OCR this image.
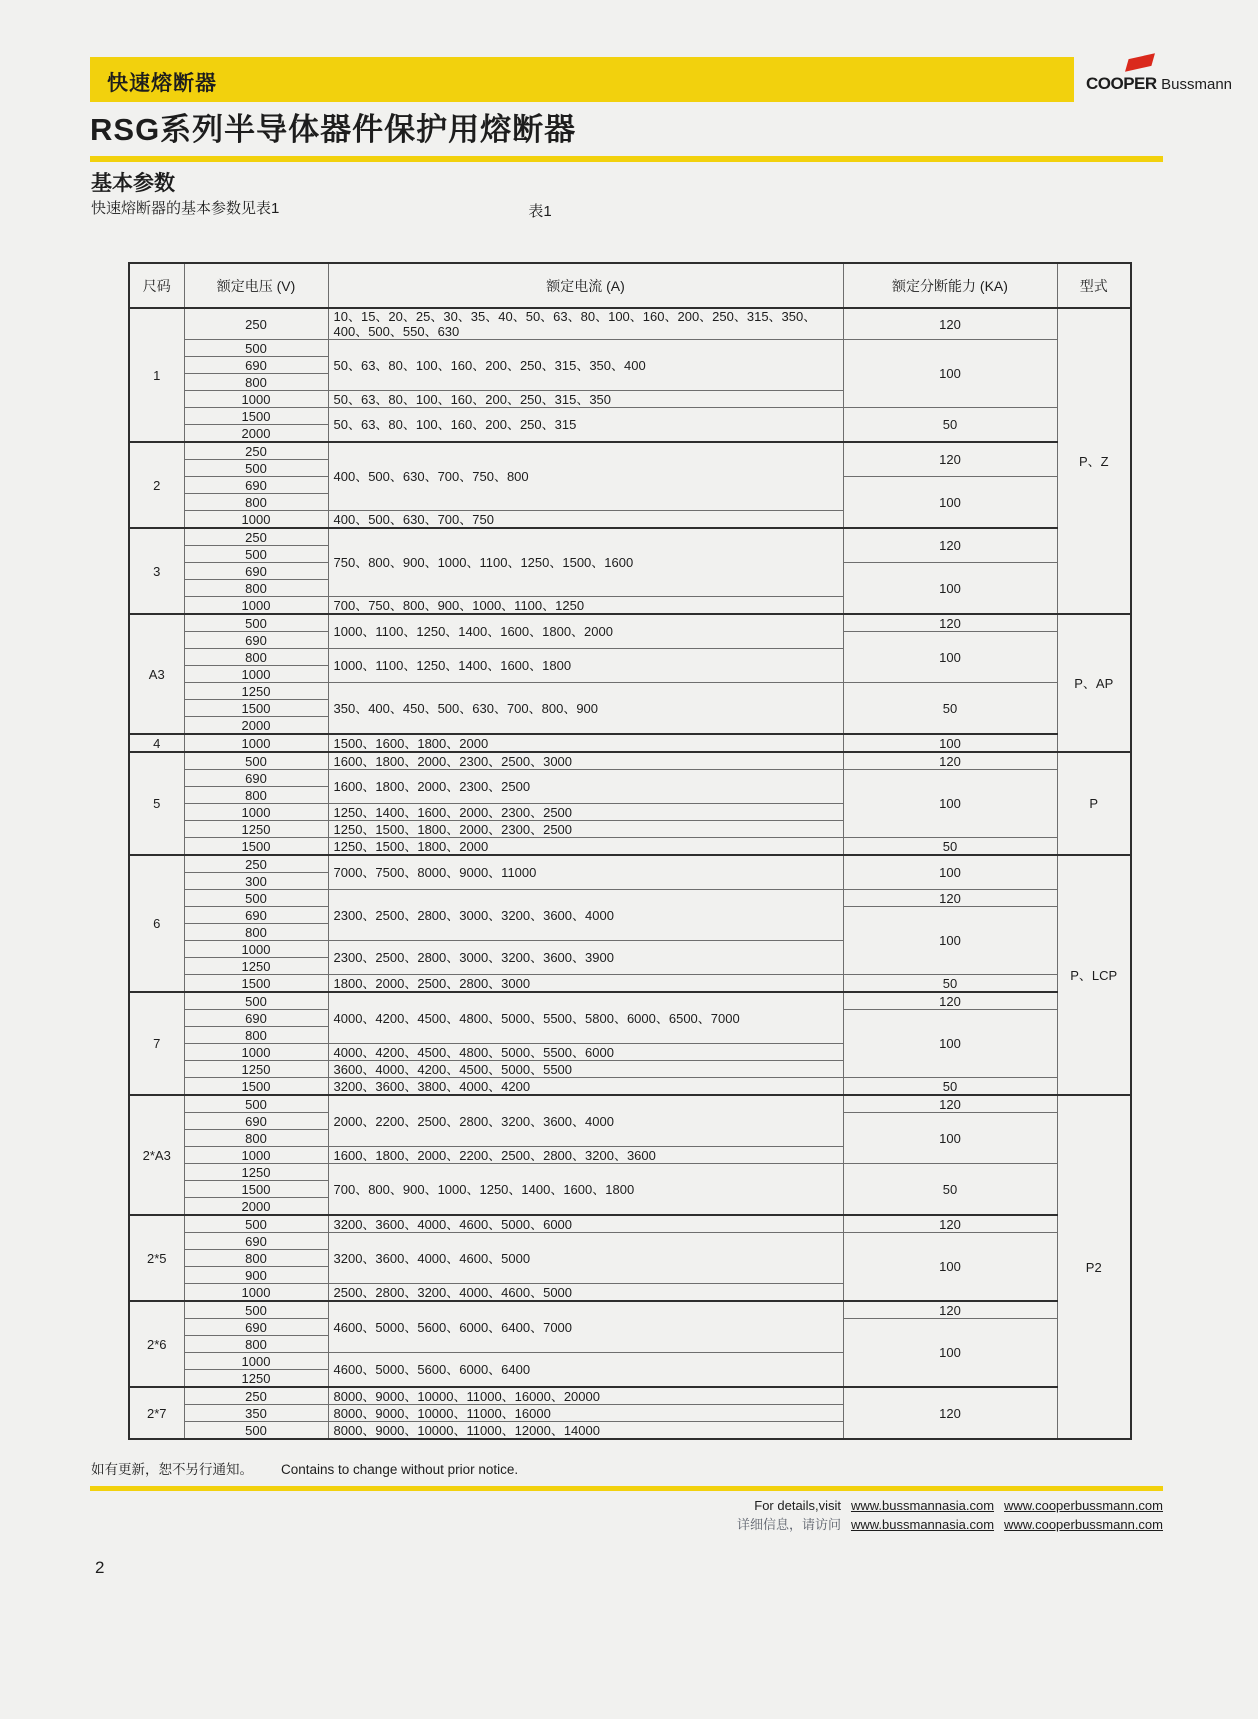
快速熔断器	COOPER Bussmann
RSG系列半导体器件保护用熔断器
基本参数
快速熔断器的基本参数见表1	表1
尺码	额定电压 (V)	额定电流 (A)	额定分断能力 (KA)	型式
1	250	10、15、20、25、30、35、40、50、63、80、100、160、200、250、315、350、400、500、550、630	120	P、Z
	500	50、63、80、100、160、200、250、315、350、400	100	
	690			
	800			
	1000	50、63、80、100、160、200、250、315、350		
	1500	50、63、80、100、160、200、250、315	50	
	2000			
2	250	400、500、630、700、750、800	120	
	500			
	690		100	
	800			
	1000	400、500、630、700、750		
3	250	750、800、900、1000、1100、1250、1500、1600	120	
	500			
	690		100	
	800			
	1000	700、750、800、900、1000、1100、1250		
A3	500	1000、1100、1250、1400、1600、1800、2000	120	P、AP
	690		100	
	800	1000、1100、1250、1400、1600、1800		
	1000			
	1250	350、400、450、500、630、700、800、900	50	
	1500			
	2000			
4	1000	1500、1600、1800、2000	100	
5	500	1600、1800、2000、2300、2500、3000	120	P
	690	1600、1800、2000、2300、2500	100	
	800			
	1000	1250、1400、1600、2000、2300、2500		
	1250	1250、1500、1800、2000、2300、2500		
	1500	1250、1500、1800、2000	50	
6	250	7000、7500、8000、9000、11000	100	P、LCP
	300			
	500	2300、2500、2800、3000、3200、3600、4000	120	
	690		100	
	800			
	1000	2300、2500、2800、3000、3200、3600、3900		
	1250			
	1500	1800、2000、2500、2800、3000	50	
7	500	4000、4200、4500、4800、5000、5500、5800、6000、6500、7000	120	
	690		100	
	800			
	1000	4000、4200、4500、4800、5000、5500、6000		
	1250	3600、4000、4200、4500、5000、5500		
	1500	3200、3600、3800、4000、4200	50	
2*A3	500	2000、2200、2500、2800、3200、3600、4000	120	P2
	690		100	
	800			
	1000	1600、1800、2000、2200、2500、2800、3200、3600		
	1250	700、800、900、1000、1250、1400、1600、1800	50	
	1500			
	2000			
2*5	500	3200、3600、4000、4600、5000、6000	120	
	690	3200、3600、4000、4600、5000	100	
	800			
	900			
	1000	2500、2800、3200、4000、4600、5000		
2*6	500	4600、5000、5600、6000、6400、7000	120	
	690		100	
	800			
	1000	4600、5000、5600、6000、6400		
	1250			
2*7	250	8000、9000、10000、11000、16000、20000	120	
	350	8000、9000、10000、11000、16000		
	500	8000、9000、10000、11000、12000、14000		
如有更新，恕不另行通知。 Contains to change without prior notice.
For details,visit www.bussmannasia.com www.cooperbussmann.com
详细信息，请访问 www.bussmannasia.com www.cooperbussmann.com
2
